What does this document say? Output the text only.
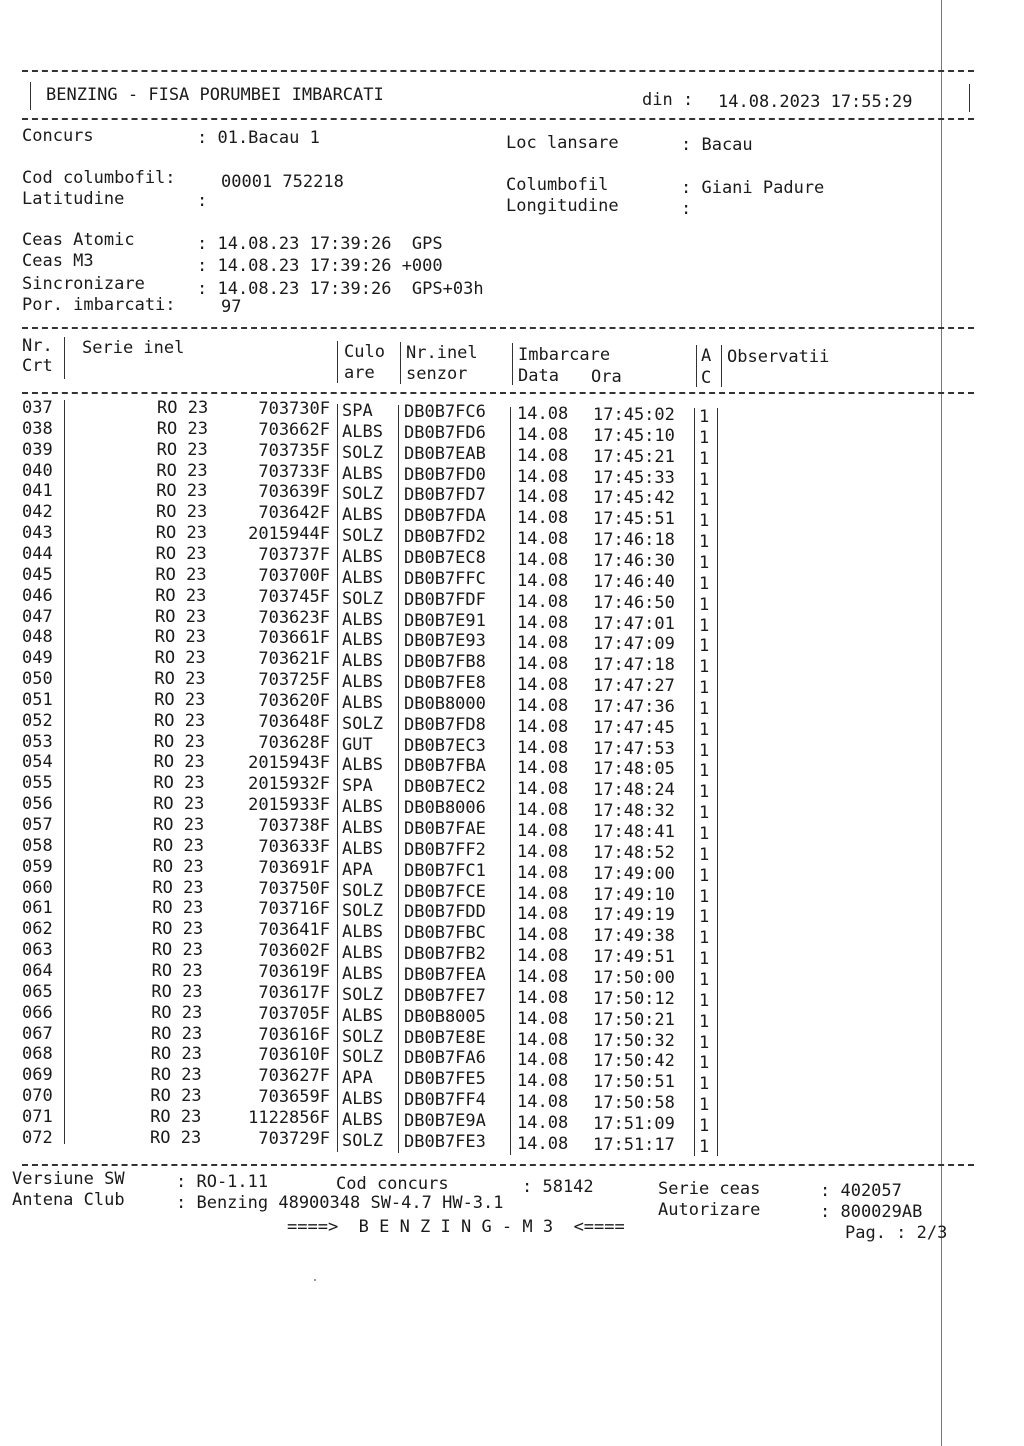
BENZING - FISA PORUMBEI IMBARCATI	din : 14.08.2023 17:55:29
Concurs	: 01.Bacau 1	Loc lansare	: Bacau
Cod columbofil:	00001 752218	Columbofil	: Giani Padure
Latitudine	:	Longitudine	:
Ceas Atomic	: 14.08.23 17:39:26  GPS
Ceas M3	: 14.08.23 17:39:26 +000
Sincronizare	: 14.08.23 17:39:26  GPS+03h
Por. imbarcati:	97
Nr.
Crt
Serie inel	Culo
are
Nr.inel
senzor
Imbarcare
Data Ora
A
C
Observatii
037	RO 23	703730F SPA DB0B7FC6 14.08 17:45:02 1
038	RO 23	703662F ALBS DB0B7FD6 14.08 17:45:10 1
039	RO 23	703735F SOLZ DB0B7EAB 14.08 17:45:21 1
040	RO 23	703733F ALBS DB0B7FD0 14.08 17:45:33 1
041	RO 23	703639F SOLZ DB0B7FD7 14.08 17:45:42 1
042	RO 23	703642F ALBS DB0B7FDA 14.08 17:45:51 1
043	RO 23	2015944F SOLZ DB0B7FD2 14.08 17:46:18 1
044	RO 23	703737F ALBS DB0B7EC8 14.08 17:46:30 1
045	RO 23	703700F ALBS DB0B7FFC 14.08 17:46:40 1
046	RO 23	703745F SOLZ DB0B7FDF 14.08 17:46:50 1
047	RO 23	703623F ALBS DB0B7E91 14.08 17:47:01 1
048	RO 23	703661F ALBS DB0B7E93 14.08 17:47:09 1
049	RO 23	703621F ALBS DB0B7FB8 14.08 17:47:18 1
050	RO 23	703725F ALBS DB0B7FE8 14.08 17:47:27 1
051	RO 23	703620F ALBS DB0B8000 14.08 17:47:36 1
052	RO 23	703648F SOLZ DB0B7FD8 14.08 17:47:45 1
053	RO 23	703628F GUT DB0B7EC3 14.08 17:47:53 1
054	RO 23	2015943F ALBS DB0B7FBA 14.08 17:48:05 1
055	RO 23	2015932F SPA DB0B7EC2 14.08 17:48:24 1
056	RO 23	2015933F ALBS DB0B8006 14.08 17:48:32 1
057	RO 23	703738F ALBS DB0B7FAE 14.08 17:48:41 1
058	RO 23	703633F ALBS DB0B7FF2 14.08 17:48:52 1
059	RO 23	703691F APA DB0B7FC1 14.08 17:49:00 1
060	RO 23	703750F SOLZ DB0B7FCE 14.08 17:49:10 1
061	RO 23	703716F SOLZ DB0B7FDD 14.08 17:49:19 1
062	RO 23	703641F ALBS DB0B7FBC 14.08 17:49:38 1
063	RO 23	703602F ALBS DB0B7FB2 14.08 17:49:51 1
064	RO 23	703619F ALBS DB0B7FEA 14.08 17:50:00 1
065	RO 23	703617F SOLZ DB0B7FE7 14.08 17:50:12 1
066	RO 23	703705F ALBS DB0B8005 14.08 17:50:21 1
067	RO 23	703616F SOLZ DB0B7E8E 14.08 17:50:32 1
068	RO 23	703610F SOLZ DB0B7FA6 14.08 17:50:42 1
069	RO 23	703627F APA DB0B7FE5 14.08 17:50:51 1
070	RO 23	703659F ALBS DB0B7FF4 14.08 17:50:58 1
071	RO 23	1122856F ALBS DB0B7E9A 14.08 17:51:09 1
072	RO 23	703729F SOLZ DB0B7FE3 14.08 17:51:17 1
Versiune SW	: RO-1.11	Cod concurs	: 58142	Serie ceas	: 402057
Antena Club	: Benzing 48900348 SW-4.7 HW-3.1	Autorizare	: 800029AB
====>  B E N Z I N G - M 3  <====	Pag. : 2/3
